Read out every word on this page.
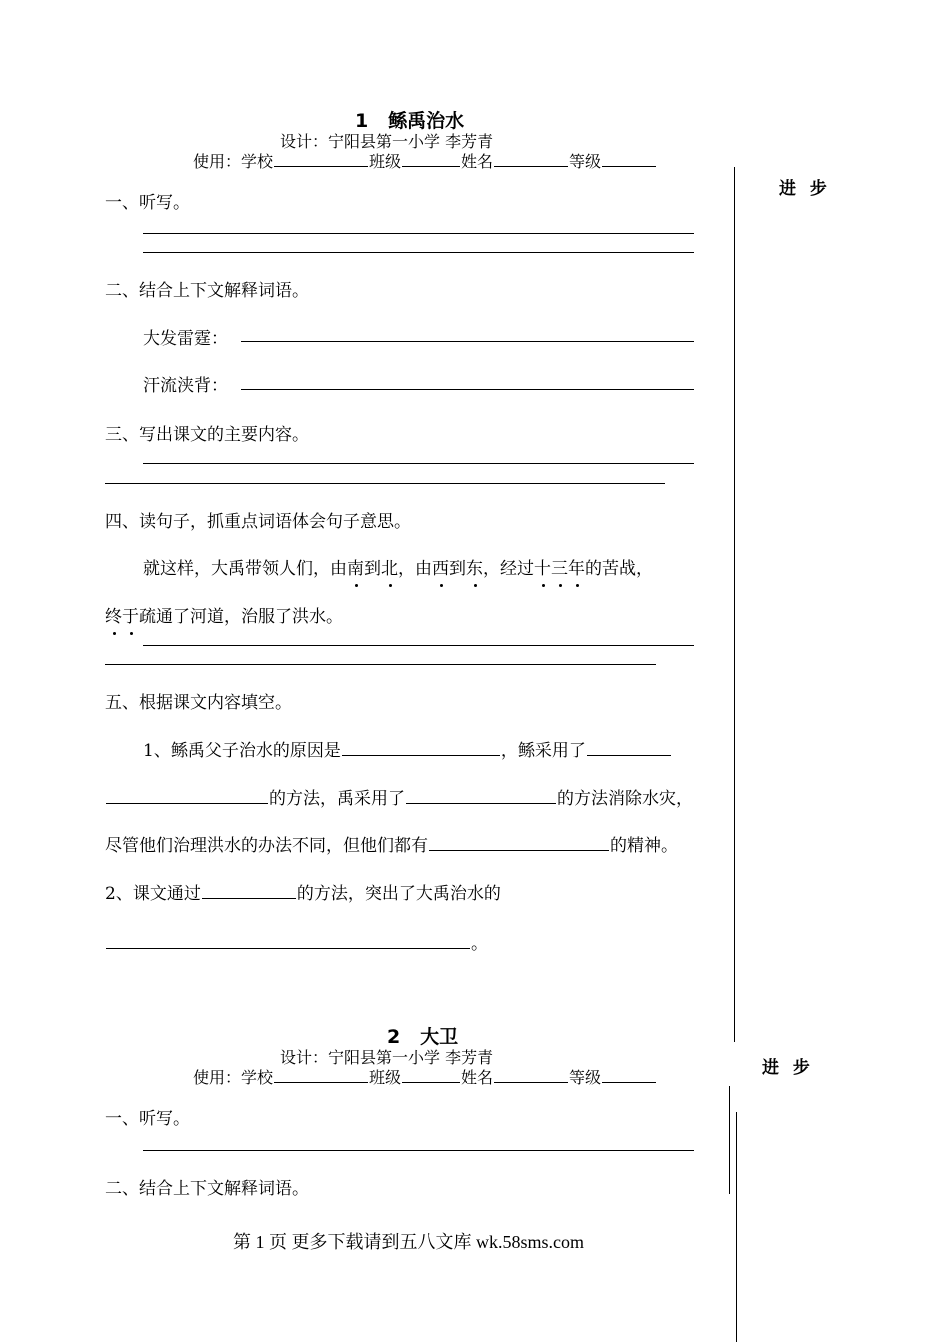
1 鲧禹治水
设计：宁阳县第一小学 李芳青
使用：学校	班级	姓名	等级
进 步
一、听写。
二、结合上下文解释词语。
大发雷霆：
汗流浃背：
三、写出课文的主要内容。
四、读句子，抓重点词语体会句子意思。
就这样，大禹带领人们，由南到北，由西到东，经过十三年的苦战，
终于疏通了河道，治服了洪水。
五、根据课文内容填空。
1、鲧禹父子治水的原因是	，鲧采用了
的方法，禹采用了	的方法消除水灾，
尽管他们治理洪水的办法不同，但他们都有	的精神。
2、课文通过	的方法，突出了大禹治水的
。
2 大卫
设计：宁阳县第一小学 李芳青
使用：学校	班级	姓名	等级	进 步
一、听写。
二、结合上下文解释词语。
第 1 页 更多下载请到五八文库 wk.58sms.com
